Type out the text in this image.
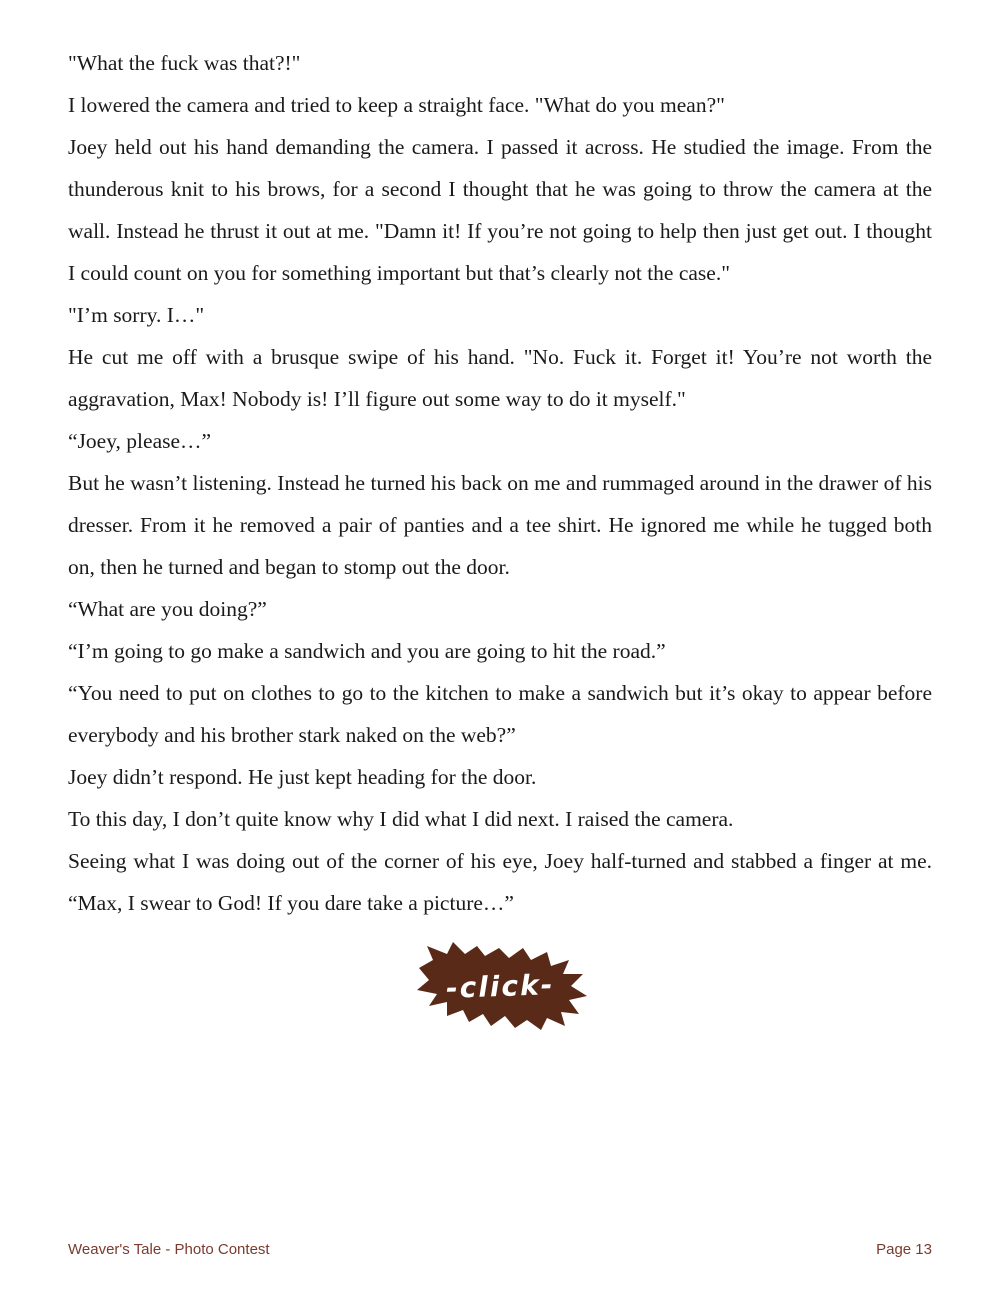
"What the fuck was that?!"

I lowered the camera and tried to keep a straight face. "What do you mean?"

Joey held out his hand demanding the camera. I passed it across. He studied the image. From the thunderous knit to his brows, for a second I thought that he was going to throw the camera at the wall. Instead he thrust it out at me. "Damn it! If you’re not going to help then just get out. I thought I could count on you for something important but that’s clearly not the case."

"I’m sorry. I…"

He cut me off with a brusque swipe of his hand. "No. Fuck it. Forget it! You’re not worth the aggravation, Max! Nobody is! I’ll figure out some way to do it myself."

“Joey, please…”

But he wasn’t listening. Instead he turned his back on me and rummaged around in the drawer of his dresser. From it he removed a pair of panties and a tee shirt. He ignored me while he tugged both on, then he turned and began to stomp out the door.

“What are you doing?”

“I’m going to go make a sandwich and you are going to hit the road.”

“You need to put on clothes to go to the kitchen to make a sandwich but it’s okay to appear before everybody and his brother stark naked on the web?”

Joey didn’t respond. He just kept heading for the door.

To this day, I don’t quite know why I did what I did next. I raised the camera.

Seeing what I was doing out of the corner of his eye, Joey half-turned and stabbed a finger at me. “Max, I swear to God! If you dare take a picture…”

-click-
Weaver's Tale - Photo Contest	Page 13
